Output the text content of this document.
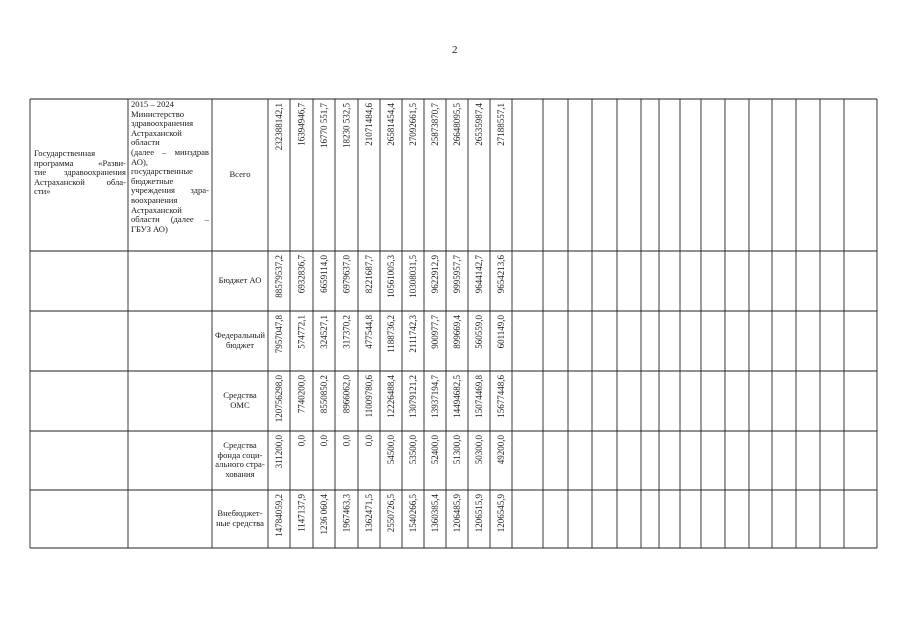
2
232388142,1 16394946,7 16770 551,7 18230 532,5 21071484,6 26581454,4 27092661,5 25873870,7 26648095,5 26535987,4 27188557,1
88579537,2 6932836,7 6659114,0 6979637,0 8221687,7 10561005,3 10308031,5 9622912,9 9995957,7 9644142,7 9654213,6
7957047,8 574772,1 324527,1 317370,2 477544,8 1188736,2 2111742,3 900977,7 899669,4 560559,0 601149,0
120756298,0 7740200,0 8550850,2 8966062,0 11009780,6 12226488,4 13079121,2 13937194,7 14494682,5 15074469,8 15677448,6
311200,0 0,0 0,0 0,0 0,0 54500,0 53500,0 52400,0 51300,0 50300,0 49200,0
14784059,2 1147137,9 1236 060,4 1967463,3 1362471,5 2550726,5 1540266,5 1360385,4 1206485,9 1206515,9 1206545,9
Государственная
программа «Разви-
тие здравоохранения
Астраханской обла-
сти»
2015 – 2024
Министерство
здравоохранения
Астраханской
области
(далее – минздрав
АО),
государственные
бюджетные
учреждения здра-
воохранения
Астраханской
области (далее –
ГБУЗ АО)
Всего
Бюджет АО
Федеральный
бюджет
Средства
ОМС
Средства
фонда соци-
ального стра-
хования
Внебюджет-
ные средства
